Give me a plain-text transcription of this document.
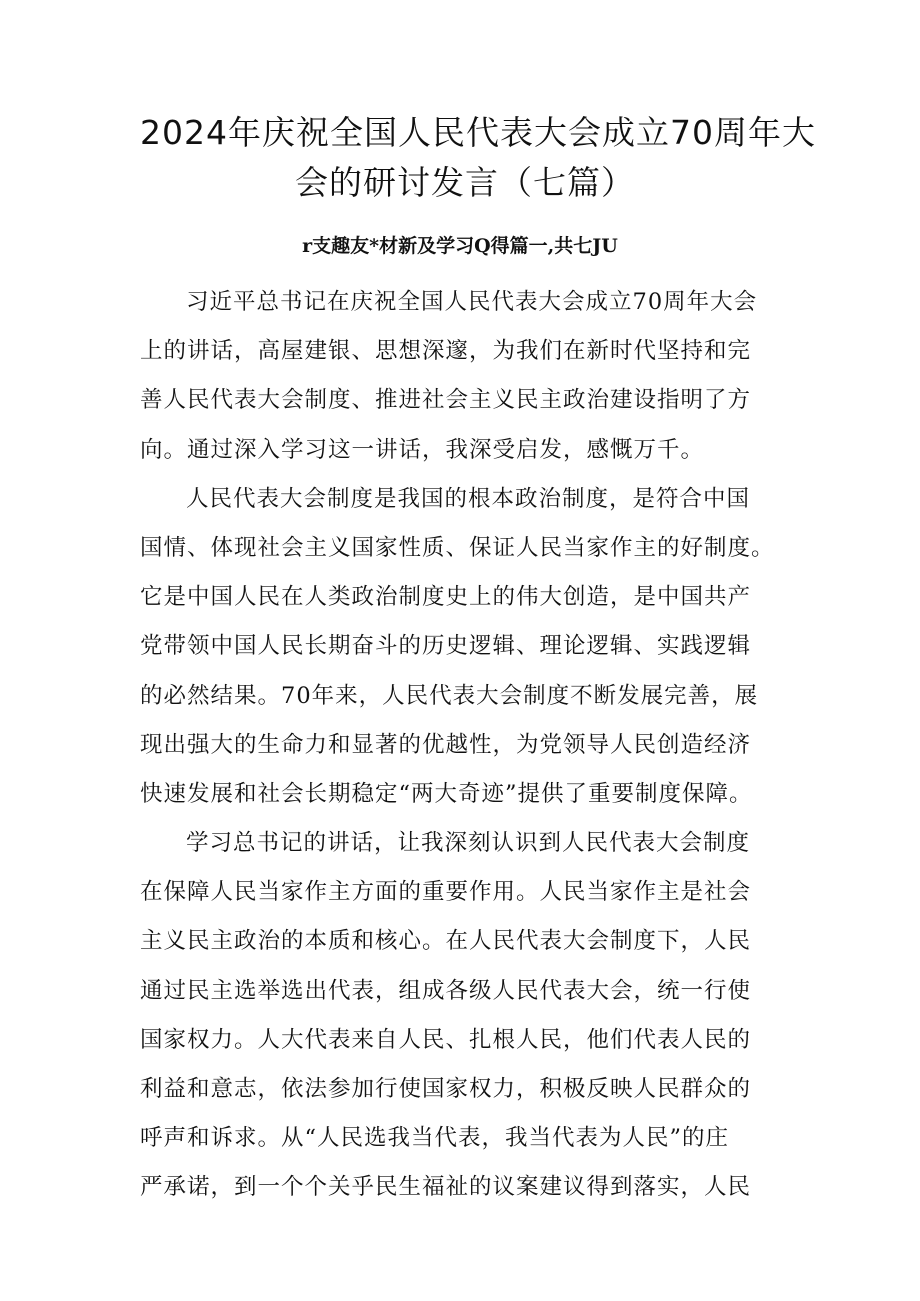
2024年庆祝全国人民代表大会成立70周年大
会的研讨发言（七篇）
r支趣友*材新及学习Q得篇一,共七JU
习近平总书记在庆祝全国人民代表大会成立70周年大会
上的讲话，高屋建银、思想深邃，为我们在新时代坚持和完
善人民代表大会制度、推进社会主义民主政治建设指明了方
向。通过深入学习这一讲话，我深受启发，感慨万千。
人民代表大会制度是我国的根本政治制度，是符合中国
国情、体现社会主义国家性质、保证人民当家作主的好制度。
它是中国人民在人类政治制度史上的伟大创造，是中国共产
党带领中国人民长期奋斗的历史逻辑、理论逻辑、实践逻辑
的必然结果。70年来，人民代表大会制度不断发展完善，展
现出强大的生命力和显著的优越性，为党领导人民创造经济
快速发展和社会长期稳定“两大奇迹”提供了重要制度保障。
学习总书记的讲话，让我深刻认识到人民代表大会制度
在保障人民当家作主方面的重要作用。人民当家作主是社会
主义民主政治的本质和核心。在人民代表大会制度下，人民
通过民主选举选出代表，组成各级人民代表大会，统一行使
国家权力。人大代表来自人民、扎根人民，他们代表人民的
利益和意志，依法参加行使国家权力，积极反映人民群众的
呼声和诉求。从“人民选我当代表，我当代表为人民”的庄
严承诺，到一个个关乎民生福祉的议案建议得到落实，人民
